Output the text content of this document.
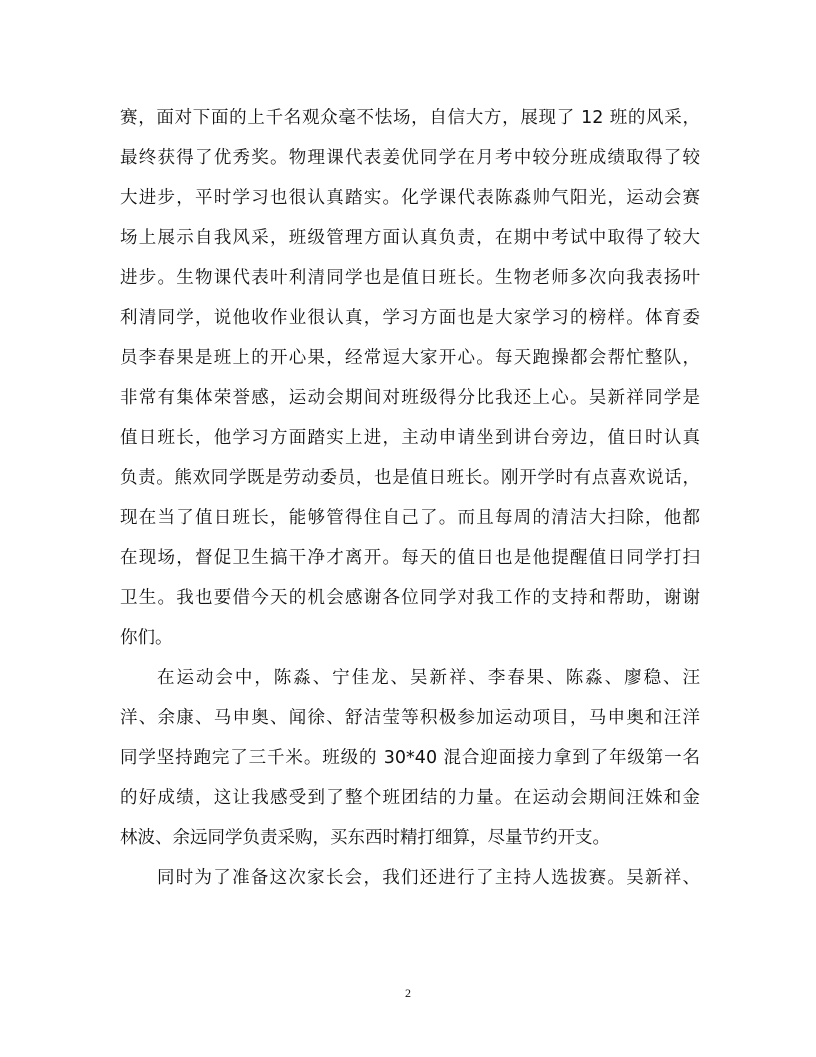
赛，面对下面的上千名观众毫不怯场，自信大方，展现了 12 班的风采，
最终获得了优秀奖。物理课代表姜优同学在月考中较分班成绩取得了较
大进步，平时学习也很认真踏实。化学课代表陈淼帅气阳光，运动会赛
场上展示自我风采，班级管理方面认真负责，在期中考试中取得了较大
进步。生物课代表叶利清同学也是值日班长。生物老师多次向我表扬叶
利清同学，说他收作业很认真，学习方面也是大家学习的榜样。体育委
员李春果是班上的开心果，经常逗大家开心。每天跑操都会帮忙整队，
非常有集体荣誉感，运动会期间对班级得分比我还上心。吴新祥同学是
值日班长，他学习方面踏实上进，主动申请坐到讲台旁边，值日时认真
负责。熊欢同学既是劳动委员，也是值日班长。刚开学时有点喜欢说话，
现在当了值日班长，能够管得住自己了。而且每周的清洁大扫除，他都
在现场，督促卫生搞干净才离开。每天的值日也是他提醒值日同学打扫
卫生。我也要借今天的机会感谢各位同学对我工作的支持和帮助，谢谢
你们。
在运动会中，陈淼、宁佳龙、吴新祥、李春果、陈淼、廖稳、汪
洋、余康、马申奥、闻徐、舒洁莹等积极参加运动项目，马申奥和汪洋
同学坚持跑完了三千米。班级的 30*40 混合迎面接力拿到了年级第一名
的好成绩，这让我感受到了整个班团结的力量。在运动会期间汪姝和金
林波、余远同学负责采购，买东西时精打细算，尽量节约开支。
同时为了准备这次家长会，我们还进行了主持人选拔赛。吴新祥、
2
